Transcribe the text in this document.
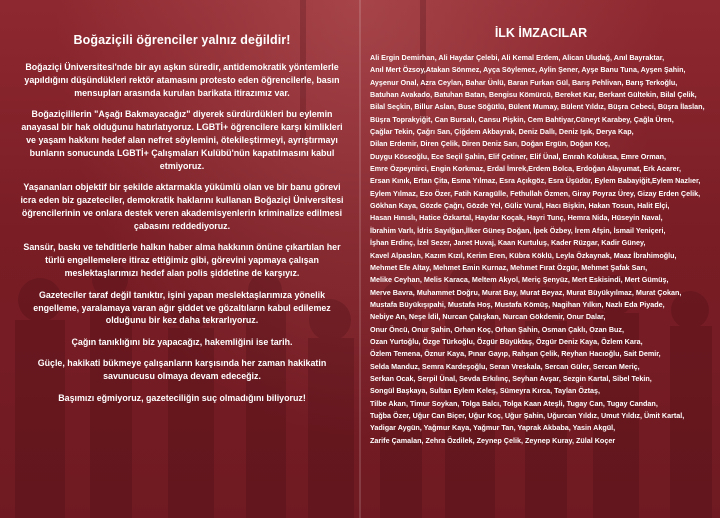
Boğaziçili öğrenciler yalnız değildir!

Boğaziçi Üniversitesi'nde bir ayı aşkın süredir, antidemokratik yöntemlerle yapıldığını düşündükleri rektör atamasını protesto eden öğrencilerle, basın mensupları arasında kurulan barikata itirazımız var.

Boğaziçililerin "Aşağı Bakmayacağız" diyerek sürdürdükleri bu eylemin anayasal bir hak olduğunu hatırlatıyoruz. LGBTİ+ öğrencilere karşı kimlikleri ve yaşam hakkını hedef alan nefret söylemini, ötekileştirmeyi, ayrıştırmayı bunların sonucunda LGBTİ+ Çalışmaları Kulübü'nün kapatılmasını kabul etmiyoruz.

Yaşananları objektif bir şekilde aktarmakla yükümlü olan ve bir banu görevi icra eden biz gazeteciler, demokratik haklarını kullanan Boğaziçi Üniversitesi öğrencilerinin ve onlara destek veren akademisyenlerin kriminalize edilmesi çabasını reddediyoruz.

Sansür, baskı ve tehditlerle halkın haber alma hakkının önüne çıkartılan her türlü engellemelere itiraz ettiğimiz gibi, görevini yapmaya çalışan meslektaşlarımızı hedef alan polis şiddetine de karşıyız.

Gazeteciler taraf değil tanıktır, işini yapan meslektaşlarımıza yönelik engelleme, yaralamaya varan ağır şiddet ve gözaltıların kabul edilemez olduğunu bir kez daha tekrarlıyoruz.

Çağın tanıklığını biz yapacağız, hakemliğini ise tarih.

Güçle, hakikati bükmeye çalışanların karşısında her zaman hakikatin savunucusu olmaya devam edeceğiz.

Başımızı eğmiyoruz, gazeteciliğin suç olmadığını biliyoruz!

İLK İMZACILAR
Ali Ergin Demirhan, Ali Haydar Çelebi, Ali Kemal Erdem, Alican Uludağ, Anıl Bayraktar,
Anıl Mert Özsoy,Atakan Sönmez, Ayça Söylemez, Aylin Şener, Ayşe Banu Tuna, Ayşen Şahin,
Ayşenur Onal, Azra Ceylan, Bahar Ünlü, Baran Furkan Gül, Barış Pehlivan, Barış Terkoğlu,
Batuhan Avakado, Batuhan Batan, Bengisu Kömürcü, Bereket Kar, Berkant Gültekin, Bilal Çelik,
Bilal Seçkin, Billur Aslan, Buse Söğütlü, Bülent Mumay, Bülent Yıldız, Büşra Cebeci, Büşra İlaslan,
Büşra Toprakyiğit, Can Bursalı, Cansu Pişkin, Cem Bahtiyar,Cüneyt Karabey, Çağla Üren,
Çağlar Tekin, Çağrı San, Çiğdem Akbayrak, Deniz Dallı, Deniz Işık, Derya Kap,
Dilan Erdemir, Diren Çelik, Diren Deniz Sarı, Doğan Ergün, Doğan Koç,
Duygu Köseoğlu, Ece Seçil Şahin, Elif Çetiner, Elif Ünal, Emrah Kolukısa, Emre Orman,
Emre Özpeynirci, Engin Korkmaz, Erdal İmrek,Erdem Bolca, Erdoğan Alayumat, Erk Acarer,
Ersan Kınık, Ertan Çita, Esma Yılmaz, Esra Açıkgöz, Esra Üşüdür, Eylem Babayiğit,Eylem Nazlıer,
Eylem Yılmaz, Ezo Özer, Fatih Karagülle, Fethullah Özmen, Giray Poyraz Ürey, Gizay Erden Çelik,
Gökhan Kaya, Gözde Çağrı, Gözde Yel, Güliz Vural, Hacı Bişkin, Hakan Tosun, Halit Elçi,
Hasan Hınıslı, Hatice Özkartal, Haydar Koçak, Hayri Tunç, Hemra Nida, Hüseyin Naval,
İbrahim Varlı, İdris Sayılğan,İlker Güneş Doğan, İpek Özbey, İrem Afşin, İsmail Yeniçeri,
İşhan Erdinç, İzel Sezer, Janet Huvaj, Kaan Kurtuluş, Kader Rüzgar, Kadir Güney,
Kavel Alpaslan, Kazım Kızıl, Kerim Eren, Kübra Köklü, Leyla Özkaynak, Maaz İbrahimoğlu,
Mehmet Efe Altay, Mehmet Emin Kurnaz, Mehmet Fırat Özgür, Mehmet Şafak Sarı,
Melike Ceyhan, Melis Karaca, Meltem Akyol, Meriç Şenyüz, Mert Eskisindi, Mert Gümüş,
Merve Bavra, Muhammet Doğru, Murat Bay, Murat Beyaz, Murat Büyükyılmaz, Murat Çokan,
Mustafa Büyükışıpahi, Mustafa Hoş, Mustafa Kömüş, Nagihan Yılkın, Nazlı Eda Piyade,
Nebiye An, Neşe İdil, Nurcan Çalışkan, Nurcan Gökdemir, Onur Dalar,
Onur Öncü, Onur Şahin, Orhan Koç, Orhan Şahin, Osman Çaklı, Ozan Buz,
Ozan Yurtoğlu, Özge Türkoğlu, Özgür Büyüktaş, Özgür Deniz Kaya, Özlem Kara,
Özlem Temena, Öznur Kaya, Pınar Gayıp, Rahşan Çelik, Reyhan Hacıoğlu, Sait Demir,
Selda Manduz, Semra Kardeşoğlu, Seran Vreskala, Sercan Güler, Sercan Meriç,
Serkan Ocak, Serpil Ünal, Sevda Erkılınç, Seyhan Avşar, Sezgin Kartal, Sibel Tekin,
Songül Başkaya, Sultan Eylem Keleş, Sümeyra Kırca, Taylan Öztaş,
Tilbe Akan, Timur Soykan, Tolga Balcı, Tolga Kaan Ateşli, Tugay Can, Tugay Candan,
Tuğba Özer, Uğur Can Biçer, Uğur Koç, Uğur Şahin, Uğurcan Yıldız, Umut Yıldız, Ümit Kartal,
Yadigar Aygün, Yağmur Kaya, Yağmur Tan, Yaprak Akbaba, Yasin Akgül,
Zarife Çamalan, Zehra Özdilek, Zeynep Çelik, Zeynep Kuray, Zülal Koçer
